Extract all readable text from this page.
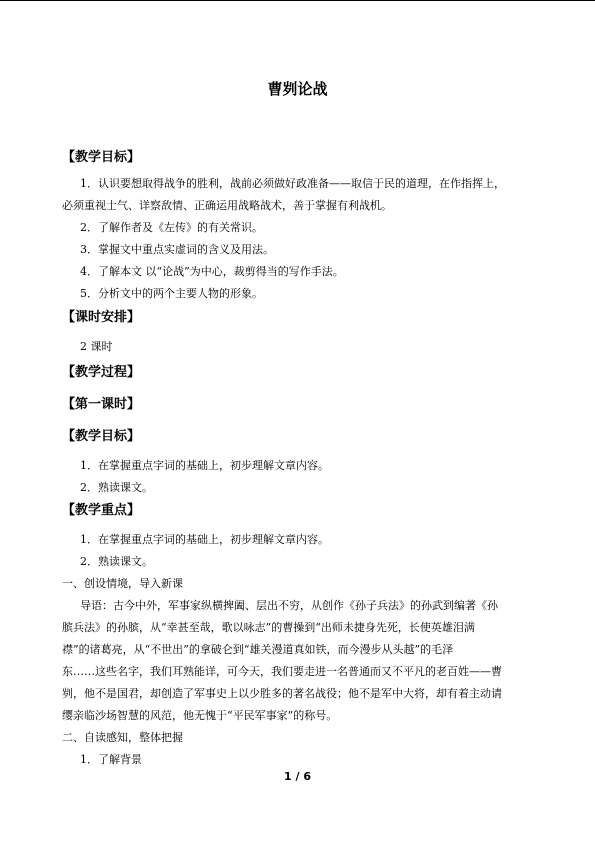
曹刿论战
【教学目标】
1．认识要想取得战争的胜利，战前必须做好政准备——取信于民的道理，在作指挥上，
必须重视士气、详察敌情、正确运用战略战术，善于掌握有利战机。
2．了解作者及《左传》的有关常识。
3．掌握文中重点实虚词的含义及用法。
4．了解本文 以“论战”为中心，裁剪得当的写作手法。
5．分析文中的两个主要人物的形象。
【课时安排】
2 课时
【教学过程】
【第一课时】
【教学目标】
1．在掌握重点字词的基础上，初步理解文章内容。
2．熟读课文。
【教学重点】
1．在掌握重点字词的基础上，初步理解文章内容。
2．熟读课文。
一、创设情境，导入新课
导语：古今中外，军事家纵横捭阖、层出不穷，从创作《孙子兵法》的孙武到编著《孙
膑兵法》的孙膑，从“幸甚至哉，歌以咏志”的曹操到“出师未捷身先死，长使英雄泪满
襟”的诸葛亮，从“不世出”的拿破仑到“雄关漫道真如铁，而今漫步从头越”的毛泽
东……这些名字，我们耳熟能详，可今天，我们要走进一名普通而又不平凡的老百姓——曹
刿，他不是国君，却创造了军事史上以少胜多的著名战役；他不是军中大将，却有着主动请
缨亲临沙场智慧的风范，他无愧于“平民军事家”的称号。
二、自读感知，整体把握
1．了解背景
1 / 6
